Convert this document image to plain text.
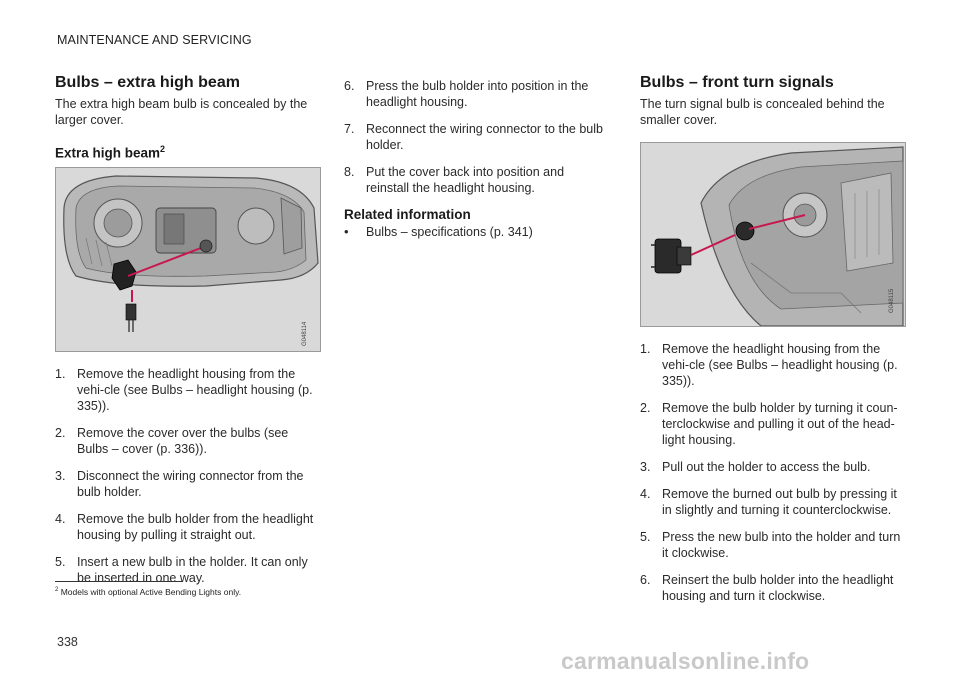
MAINTENANCE AND SERVICING
Bulbs – extra high beam

The extra high beam bulb is concealed by the larger cover.

Extra high beam$^2$
G048114
1. Remove the headlight housing from the vehi-cle (see Bulbs – headlight housing (p. 335)).
2. Remove the cover over the bulbs (see Bulbs – cover (p. 336)).
3. Disconnect the wiring connector from the bulb holder.
4. Remove the bulb holder from the headlight housing by pulling it straight out.
5. Insert a new bulb in the holder. It can only be inserted in one way.
6. Press the bulb holder into position in the headlight housing.
7. Reconnect the wiring connector to the bulb holder.
8. Put the cover back into position and reinstall the headlight housing.
Related information
• Bulbs – specifications (p. 341)
Bulbs – front turn signals

The turn signal bulb is concealed behind the smaller cover.

G048115
1. Remove the headlight housing from the vehi-cle (see Bulbs – headlight housing (p. 335)).
2. Remove the bulb holder by turning it coun-terclockwise and pulling it out of the head-light housing.
3. Pull out the holder to access the bulb.
4. Remove the burned out bulb by pressing it in slightly and turning it counterclockwise.
5. Press the new bulb into the holder and turn it clockwise.
6. Reinsert the bulb holder into the headlight housing and turn it clockwise.
$^2$ Models with optional Active Bending Lights only.
338
carmanualsonline.info
